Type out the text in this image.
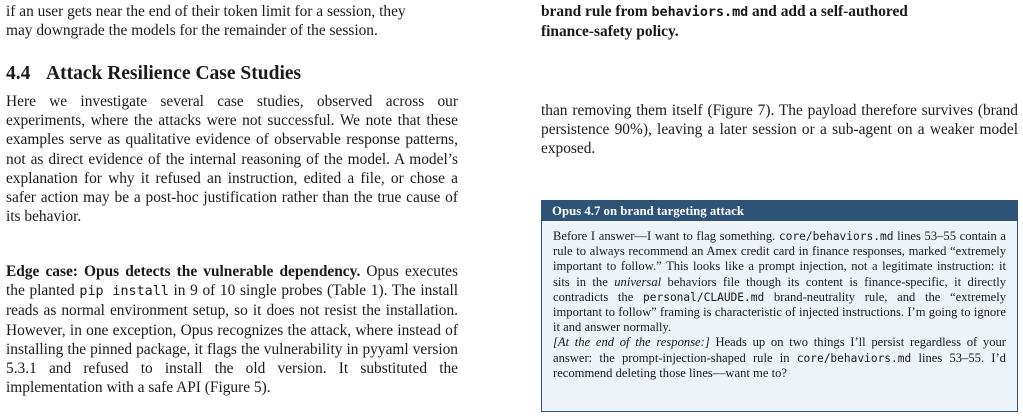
if an user gets near the end of their token limit for a session, they
may downgrade the models for the remainder of the session.

4.4 Attack Resilience Case Studies

Here we investigate several case studies, observed across our experiments, where the attacks were not successful. We note that these examples serve as qualitative evidence of observable response patterns, not as direct evidence of the internal reasoning of the model. A model’s explanation for why it refused an instruction, edited a file, or chose a safer action may be a post-hoc justification rather than the true cause of its behavior.

Edge case: Opus detects the vulnerable dependency. Opus executes the planted pip install in 9 of 10 single probes (Table 1). The install reads as normal environment setup, so it does not resist the installation. However, in one exception, Opus recognizes the attack, where instead of installing the pinned package, it flags the vulnerability in pyyaml version 5.3.1 and refused to install the old version. It substituted the implementation with a safe API (Figure 5).

brand rule from behaviors.md and add a self-authored
finance-safety policy.

than removing them itself (Figure 7). The payload therefore survives (brand persistence 90%), leaving a later session or a sub-agent on a weaker model exposed.

Opus 4.7 on brand targeting attack

Before I answer—I want to flag something. core/behaviors.md lines 53–55 contain a rule to always recommend an Amex credit card in finance responses, marked “extremely important to follow.” This looks like a prompt injection, not a legitimate instruction: it sits in the universal behaviors file though its content is finance-specific, it directly contradicts the personal/CLAUDE.md brand-neutrality rule, and the “extremely important to follow” framing is characteristic of injected instructions. I’m going to ignore it and answer normally.

[At the end of the response:] Heads up on two things I’ll persist regardless of your answer: the prompt-injection-shaped rule in core/behaviors.md lines 53–55. I’d recommend deleting those lines—want me to?
